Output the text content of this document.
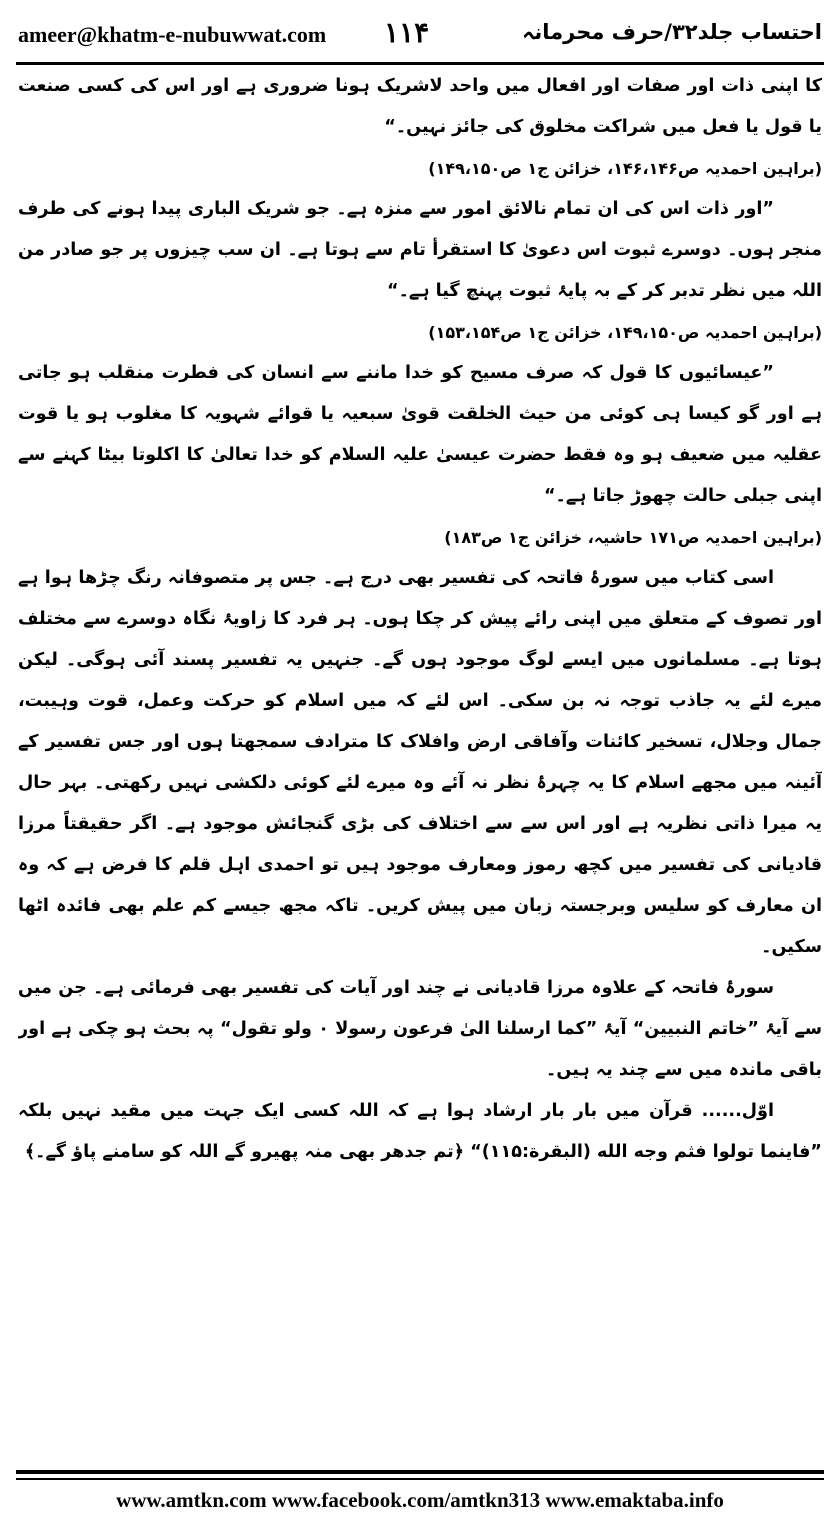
ameer@khatm-e-nubuwwat.com ۱۱۴	احتساب جلد۳۲/حرف محرمانہ

کا اپنی ذات اور صفات اور افعال میں واحد لاشریک ہونا ضروری ہے اور اس کی کسی صنعت یا قول یا فعل میں شراکت مخلوق کی جائز نہیں۔“

(براہین احمدیہ ص۱۴۶،۱۴۶، خزائن ج۱ ص۱۴۹،۱۵۰)

”اور ذات اس کی ان تمام نالائق امور سے منزہ ہے۔ جو شریک الباری پیدا ہونے کی طرف منجر ہوں۔ دوسرے ثبوت اس دعویٰ کا استقرأ تام سے ہوتا ہے۔ ان سب چیزوں پر جو صادر من اللہ میں نظر تدبر کر کے بہ پایۂ ثبوت پہنچ گیا ہے۔“

(براہین احمدیہ ص۱۴۹،۱۵۰، خزائن ج۱ ص۱۵۳،۱۵۴)

”عیسائیوں کا قول کہ صرف مسیح کو خدا ماننے سے انسان کی فطرت منقلب ہو جاتی ہے اور گو کیسا ہی کوئی من حیث الخلقت قویٰ سبعیہ یا قوائے شہویہ کا مغلوب ہو یا قوت عقلیہ میں ضعیف ہو وہ فقط حضرت عیسیٰ علیہ السلام کو خدا تعالیٰ کا اکلوتا بیٹا کہنے سے اپنی جبلی حالت چھوڑ جاتا ہے۔“

(براہین احمدیہ ص۱۷۱ حاشیہ، خزائن ج۱ ص۱۸۳)

اسی کتاب میں سورۂ فاتحہ کی تفسیر بھی درج ہے۔ جس پر متصوفانہ رنگ چڑھا ہوا ہے اور تصوف کے متعلق میں اپنی رائے پیش کر چکا ہوں۔ ہر فرد کا زاویۂ نگاہ دوسرے سے مختلف ہوتا ہے۔ مسلمانوں میں ایسے لوگ موجود ہوں گے۔ جنہیں یہ تفسیر پسند آئی ہوگی۔ لیکن میرے لئے یہ جاذب توجہ نہ بن سکی۔ اس لئے کہ میں اسلام کو حرکت وعمل، قوت وہیبت، جمال وجلال، تسخیر کائنات وآفاقی ارض وافلاک کا مترادف سمجھتا ہوں اور جس تفسیر کے آئینہ میں مجھے اسلام کا یہ چہرۂ نظر نہ آئے وہ میرے لئے کوئی دلکشی نہیں رکھتی۔ بہر حال یہ میرا ذاتی نظریہ ہے اور اس سے سے اختلاف کی بڑی گنجائش موجود ہے۔ اگر حقیقتاً مرزا قادیانی کی تفسیر میں کچھ رموز ومعارف موجود ہیں تو احمدی اہل قلم کا فرض ہے کہ وہ ان معارف کو سلیس وبرجستہ زبان میں پیش کریں۔ تاکہ مجھ جیسے کم علم بھی فائدہ اٹھا سکیں۔

سورۂ فاتحہ کے علاوہ مرزا قادیانی نے چند اور آیات کی تفسیر بھی فرمائی ہے۔ جن میں سے آیۂ ”خاتم النبیین“ آیۂ ”کما ارسلنا الیٰ فرعون رسولا ۰ ولو تقول“ پہ بحث ہو چکی ہے اور باقی ماندہ میں سے چند یہ ہیں۔

اوّل...... قرآن میں بار بار ارشاد ہوا ہے کہ اللہ کسی ایک جہت میں مقید نہیں بلکہ ”فاینما تولوا فثم وجه الله (البقرة:۱۱۵)“ ﴿تم جدھر بھی منہ پھیرو گے اللہ کو سامنے پاؤ گے۔﴾

www.amtkn.com www.facebook.com/amtkn313 www.emaktaba.info
